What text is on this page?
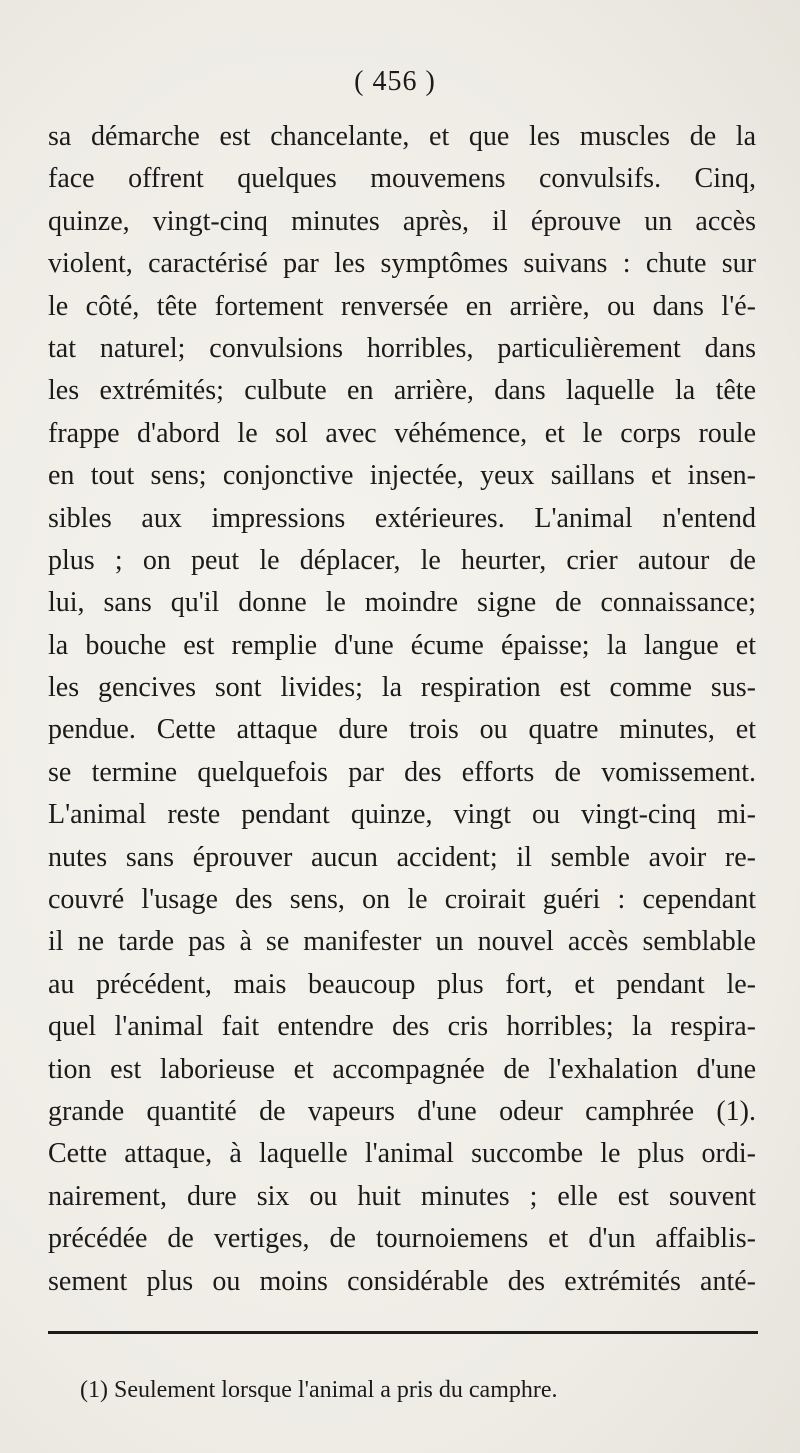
( 456 )
sa démarche est chancelante, et que les muscles de la
face offrent quelques mouvemens convulsifs. Cinq,
quinze, vingt-cinq minutes après, il éprouve un accès
violent, caractérisé par les symptômes suivans : chute sur
le côté, tête fortement renversée en arrière, ou dans l'é-
tat naturel; convulsions horribles, particulièrement dans
les extrémités; culbute en arrière, dans laquelle la tête
frappe d'abord le sol avec véhémence, et le corps roule
en tout sens; conjonctive injectée, yeux saillans et insen-
sibles aux impressions extérieures. L'animal n'entend
plus ; on peut le déplacer, le heurter, crier autour de
lui, sans qu'il donne le moindre signe de connaissance;
la bouche est remplie d'une écume épaisse; la langue et
les gencives sont livides; la respiration est comme sus-
pendue. Cette attaque dure trois ou quatre minutes, et
se termine quelquefois par des efforts de vomissement.
L'animal reste pendant quinze, vingt ou vingt-cinq mi-
nutes sans éprouver aucun accident; il semble avoir re-
couvré l'usage des sens, on le croirait guéri : cependant
il ne tarde pas à se manifester un nouvel accès semblable
au précédent, mais beaucoup plus fort, et pendant le-
quel l'animal fait entendre des cris horribles; la respira-
tion est laborieuse et accompagnée de l'exhalation d'une
grande quantité de vapeurs d'une odeur camphrée (1).
Cette attaque, à laquelle l'animal succombe le plus ordi-
nairement, dure six ou huit minutes ; elle est souvent
précédée de vertiges, de tournoiemens et d'un affaiblis-
sement plus ou moins considérable des extrémités anté-
(1) Seulement lorsque l'animal a pris du camphre.
